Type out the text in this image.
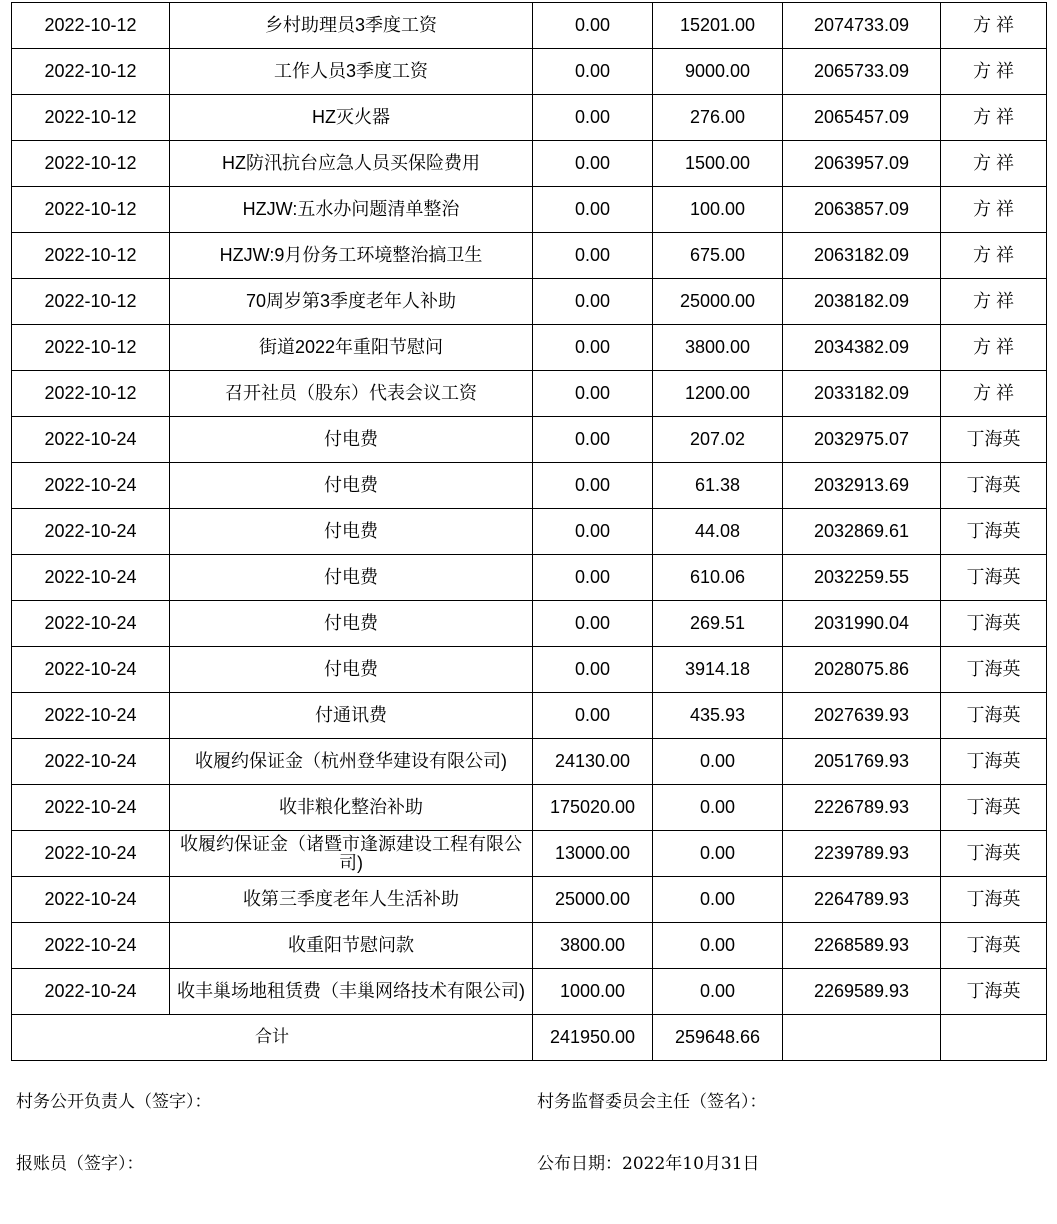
2022-10-12	乡村助理员3季度工资	0.00	15201.00	2074733.09	方 祥
2022-10-12	工作人员3季度工资	0.00	9000.00	2065733.09	方 祥
2022-10-12	HZ灭火器	0.00	276.00	2065457.09	方 祥
2022-10-12	HZ防汛抗台应急人员买保险费用	0.00	1500.00	2063957.09	方 祥
2022-10-12	HZJW:五水办问题清单整治	0.00	100.00	2063857.09	方 祥
2022-10-12	HZJW:9月份务工环境整治搞卫生	0.00	675.00	2063182.09	方 祥
2022-10-12	70周岁第3季度老年人补助	0.00	25000.00	2038182.09	方 祥
2022-10-12	街道2022年重阳节慰问	0.00	3800.00	2034382.09	方 祥
2022-10-12	召开社员（股东）代表会议工资	0.00	1200.00	2033182.09	方 祥
2022-10-24	付电费	0.00	207.02	2032975.07	丁海英
2022-10-24	付电费	0.00	61.38	2032913.69	丁海英
2022-10-24	付电费	0.00	44.08	2032869.61	丁海英
2022-10-24	付电费	0.00	610.06	2032259.55	丁海英
2022-10-24	付电费	0.00	269.51	2031990.04	丁海英
2022-10-24	付电费	0.00	3914.18	2028075.86	丁海英
2022-10-24	付通讯费	0.00	435.93	2027639.93	丁海英
2022-10-24	收履约保证金（杭州登华建设有限公司)	24130.00	0.00	2051769.93	丁海英
2022-10-24	收非粮化整治补助	175020.00	0.00	2226789.93	丁海英
2022-10-24	收履约保证金（诸暨市逢源建设工程有限公司)	13000.00	0.00	2239789.93	丁海英
2022-10-24	收第三季度老年人生活补助	25000.00	0.00	2264789.93	丁海英
2022-10-24	收重阳节慰问款	3800.00	0.00	2268589.93	丁海英
2022-10-24	收丰巢场地租赁费（丰巢网络技术有限公司)	1000.00	0.00	2269589.93	丁海英
合计		241950.00	259648.66		
村务公开负责人（签字）：	村务监督委员会主任（签名）：
报账员（签字）：	公布日期：2022年10月31日
